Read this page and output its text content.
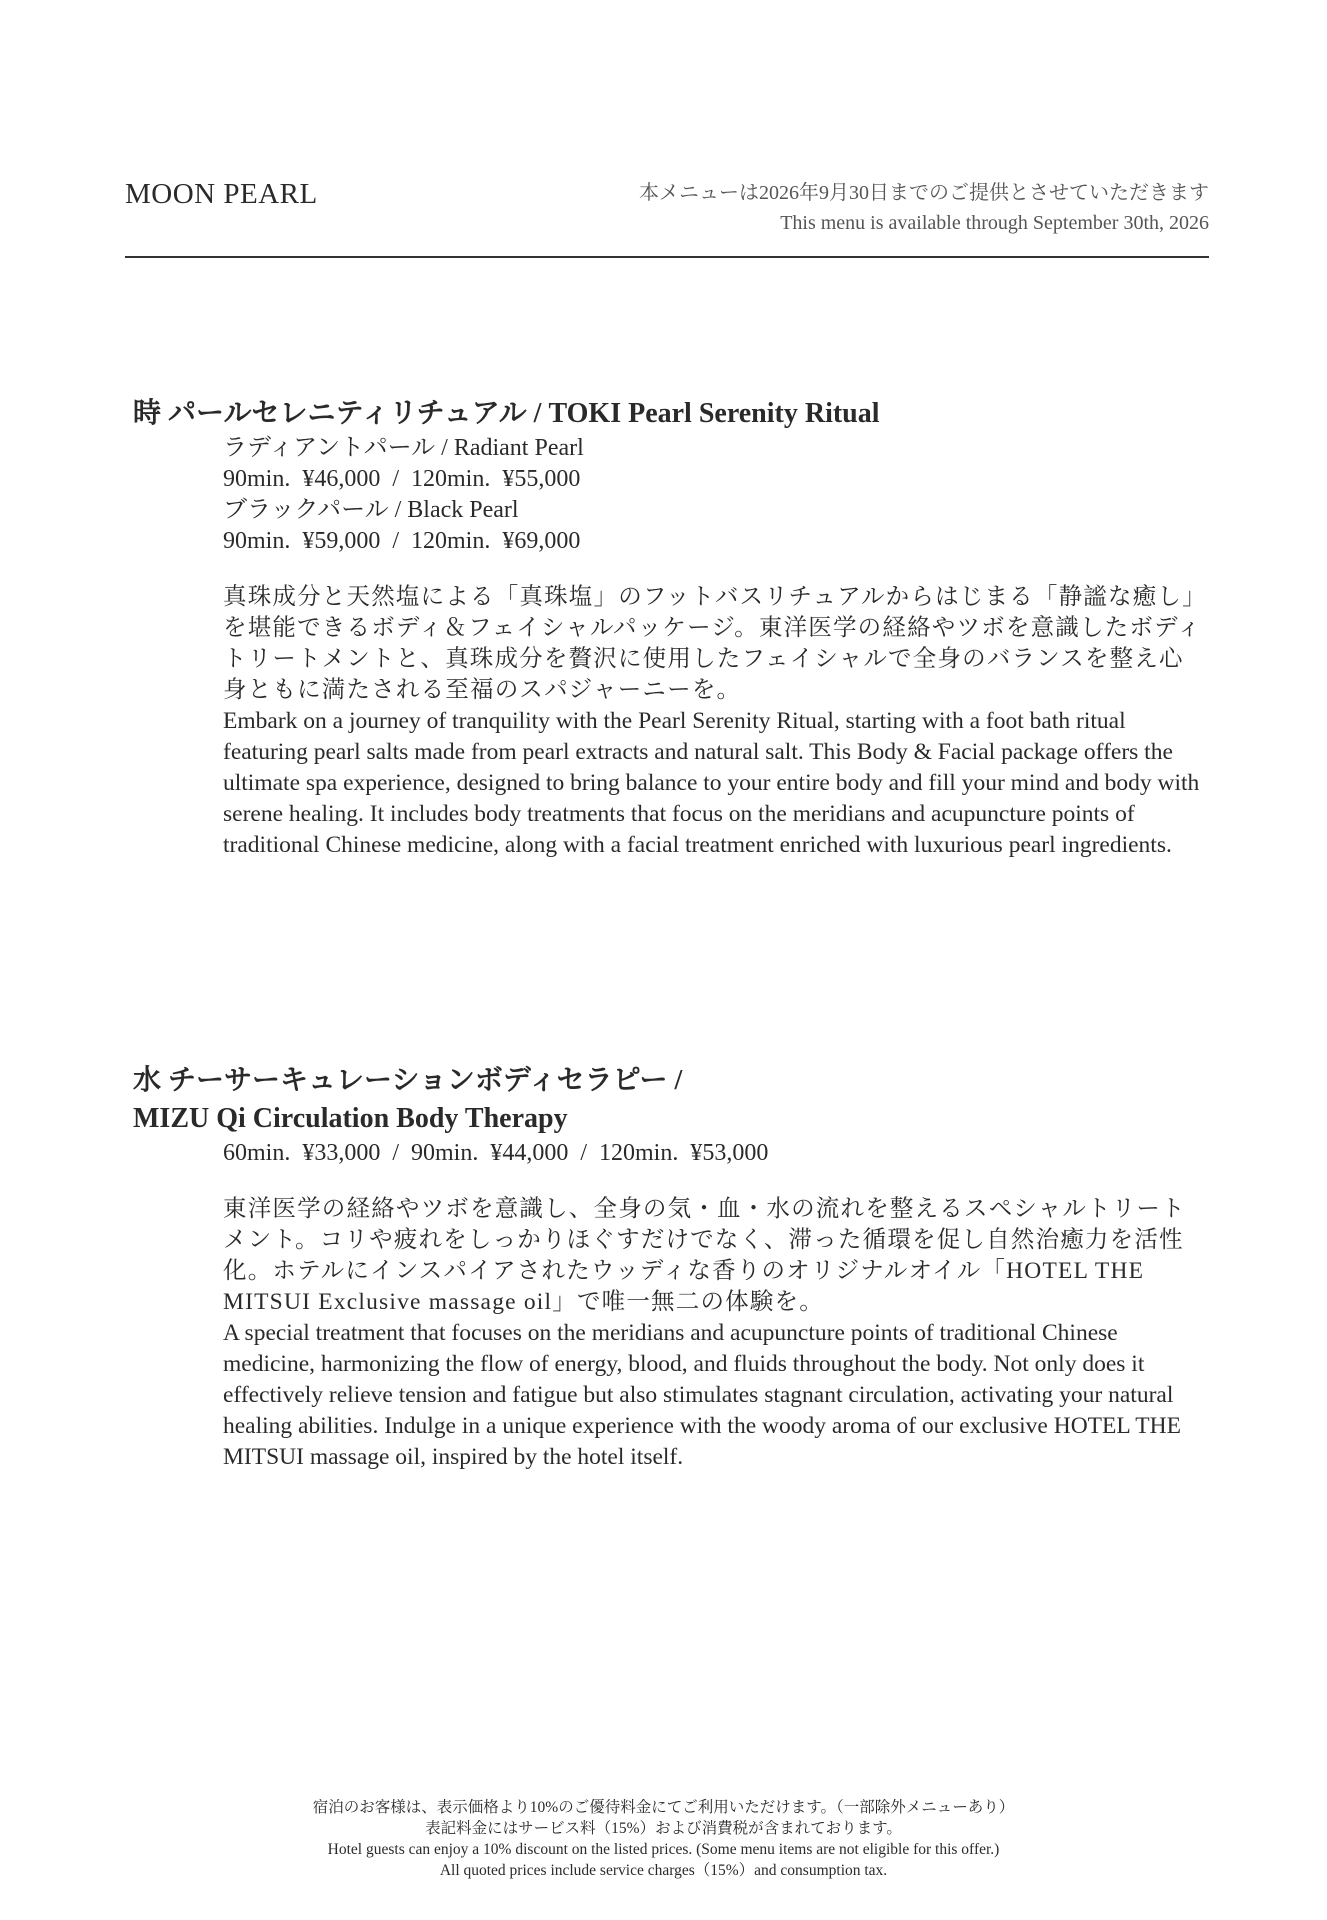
MOON PEARL	本メニューは2026年9月30日までのご提供とさせていただきます
This menu is available through September 30th, 2026
時 パールセレニティリチュアル / TOKI Pearl Serenity Ritual
ラディアントパール / Radiant Pearl
90min.  ¥46,000  /  120min.  ¥55,000
ブラックパール / Black Pearl
90min.  ¥59,000  /  120min.  ¥69,000
真珠成分と天然塩による「真珠塩」のフットバスリチュアルからはじまる「静謐な癒し」を堪能できるボディ＆フェイシャルパッケージ。東洋医学の経絡やツボを意識したボディトリートメントと、真珠成分を贅沢に使用したフェイシャルで全身のバランスを整え心身ともに満たされる至福のスパジャーニーを。
Embark on a journey of tranquility with the Pearl Serenity Ritual, starting with a foot bath ritual featuring pearl salts made from pearl extracts and natural salt. This Body & Facial package offers the ultimate spa experience, designed to bring balance to your entire body and fill your mind and body with serene healing. It includes body treatments that focus on the meridians and acupuncture points of traditional Chinese medicine, along with a facial treatment enriched with luxurious pearl ingredients.
水 チーサーキュレーションボディセラピー /
MIZU Qi Circulation Body Therapy
60min.  ¥33,000  /  90min.  ¥44,000  /  120min.  ¥53,000
東洋医学の経絡やツボを意識し、全身の気・血・水の流れを整えるスペシャルトリートメント。コリや疲れをしっかりほぐすだけでなく、滞った循環を促し自然治癒力を活性化。ホテルにインスパイアされたウッディな香りのオリジナルオイル「HOTEL THE MITSUI Exclusive massage oil」で唯一無二の体験を。
A special treatment that focuses on the meridians and acupuncture points of traditional Chinese medicine, harmonizing the flow of energy, blood, and fluids throughout the body. Not only does it effectively relieve tension and fatigue but also stimulates stagnant circulation, activating your natural healing abilities. Indulge in a unique experience with the woody aroma of our exclusive HOTEL THE MITSUI massage oil, inspired by the hotel itself.
宿泊のお客様は、表示価格より10%のご優待料金にてご利用いただけます。（一部除外メニューあり）
表記料金にはサービス料（15%）および消費税が含まれております。
Hotel guests can enjoy a 10% discount on the listed prices. (Some menu items are not eligible for this offer.)
All quoted prices include service charges（15%）and consumption tax.
